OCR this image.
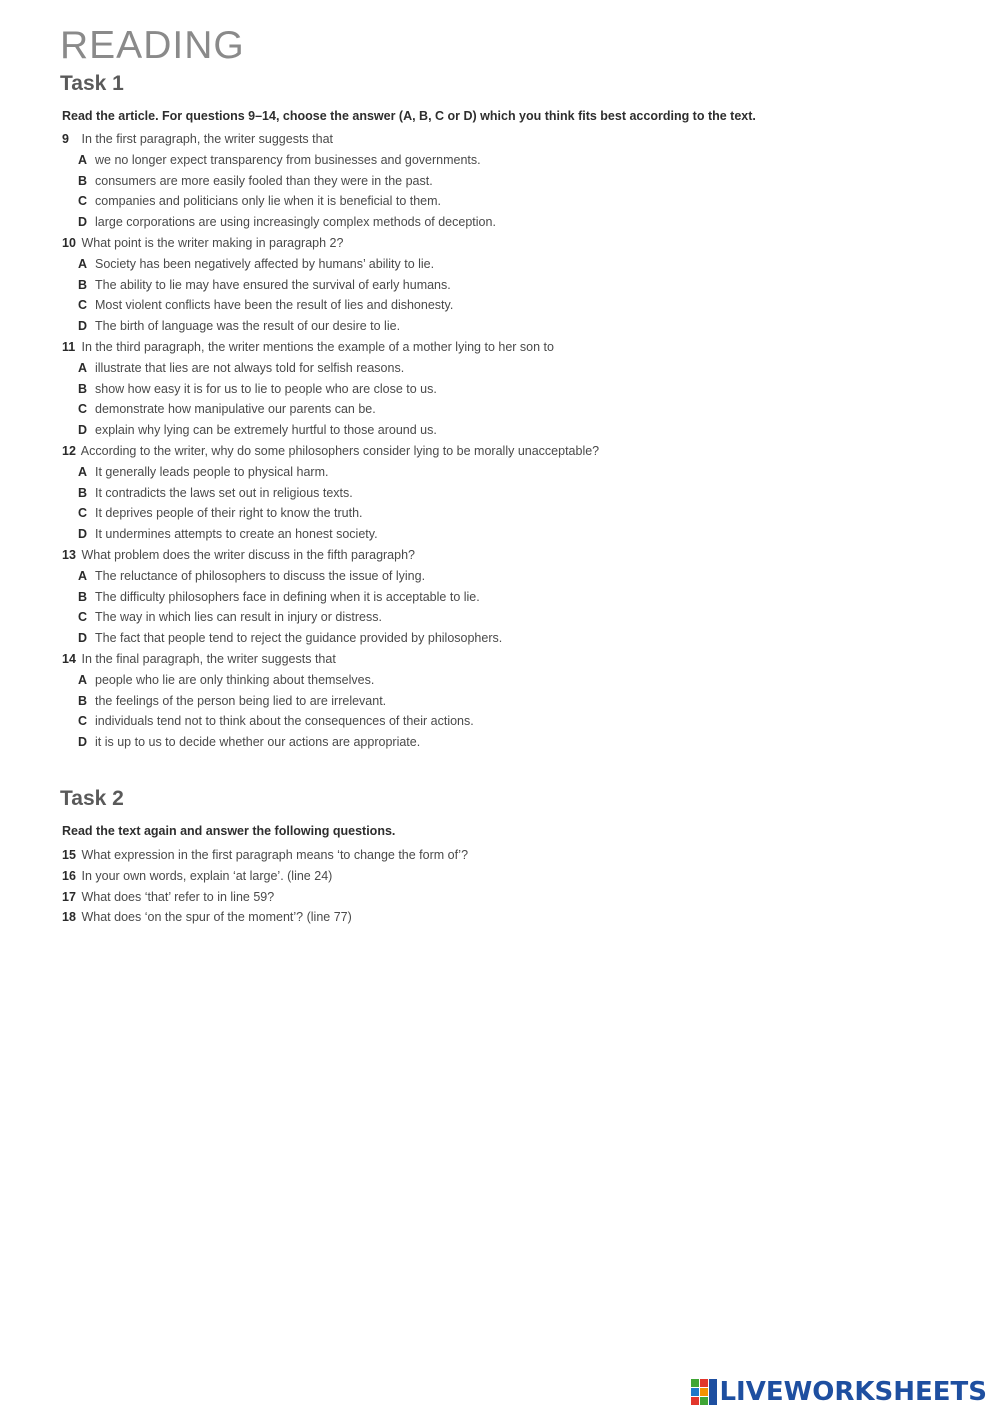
READING
Task 1

Read the article. For questions 9–14, choose the answer (A, B, C or D) which you think fits best according to the text.

9 In the first paragraph, the writer suggests that
A we no longer expect transparency from businesses and governments.
B consumers are more easily fooled than they were in the past.
C companies and politicians only lie when it is beneficial to them.
D large corporations are using increasingly complex methods of deception.
10 What point is the writer making in paragraph 2?
A Society has been negatively affected by humans’ ability to lie.
B The ability to lie may have ensured the survival of early humans.
C Most violent conflicts have been the result of lies and dishonesty.
D The birth of language was the result of our desire to lie.
11 In the third paragraph, the writer mentions the example of a mother lying to her son to
A illustrate that lies are not always told for selfish reasons.
B show how easy it is for us to lie to people who are close to us.
C demonstrate how manipulative our parents can be.
D explain why lying can be extremely hurtful to those around us.
12 According to the writer, why do some philosophers consider lying to be morally unacceptable?
A It generally leads people to physical harm.
B It contradicts the laws set out in religious texts.
C It deprives people of their right to know the truth.
D It undermines attempts to create an honest society.
13 What problem does the writer discuss in the fifth paragraph?
A The reluctance of philosophers to discuss the issue of lying.
B The difficulty philosophers face in defining when it is acceptable to lie.
C The way in which lies can result in injury or distress.
D The fact that people tend to reject the guidance provided by philosophers.
14 In the final paragraph, the writer suggests that
A people who lie are only thinking about themselves.
B the feelings of the person being lied to are irrelevant.
C individuals tend not to think about the consequences of their actions.
D it is up to us to decide whether our actions are appropriate.
Task 2

Read the text again and answer the following questions.

15 What expression in the first paragraph means ‘to change the form of’?
16 In your own words, explain ‘at large’. (line 24)
17 What does ‘that’ refer to in line 59?
18 What does ‘on the spur of the moment’? (line 77)
LIVEWORKSHEETS
